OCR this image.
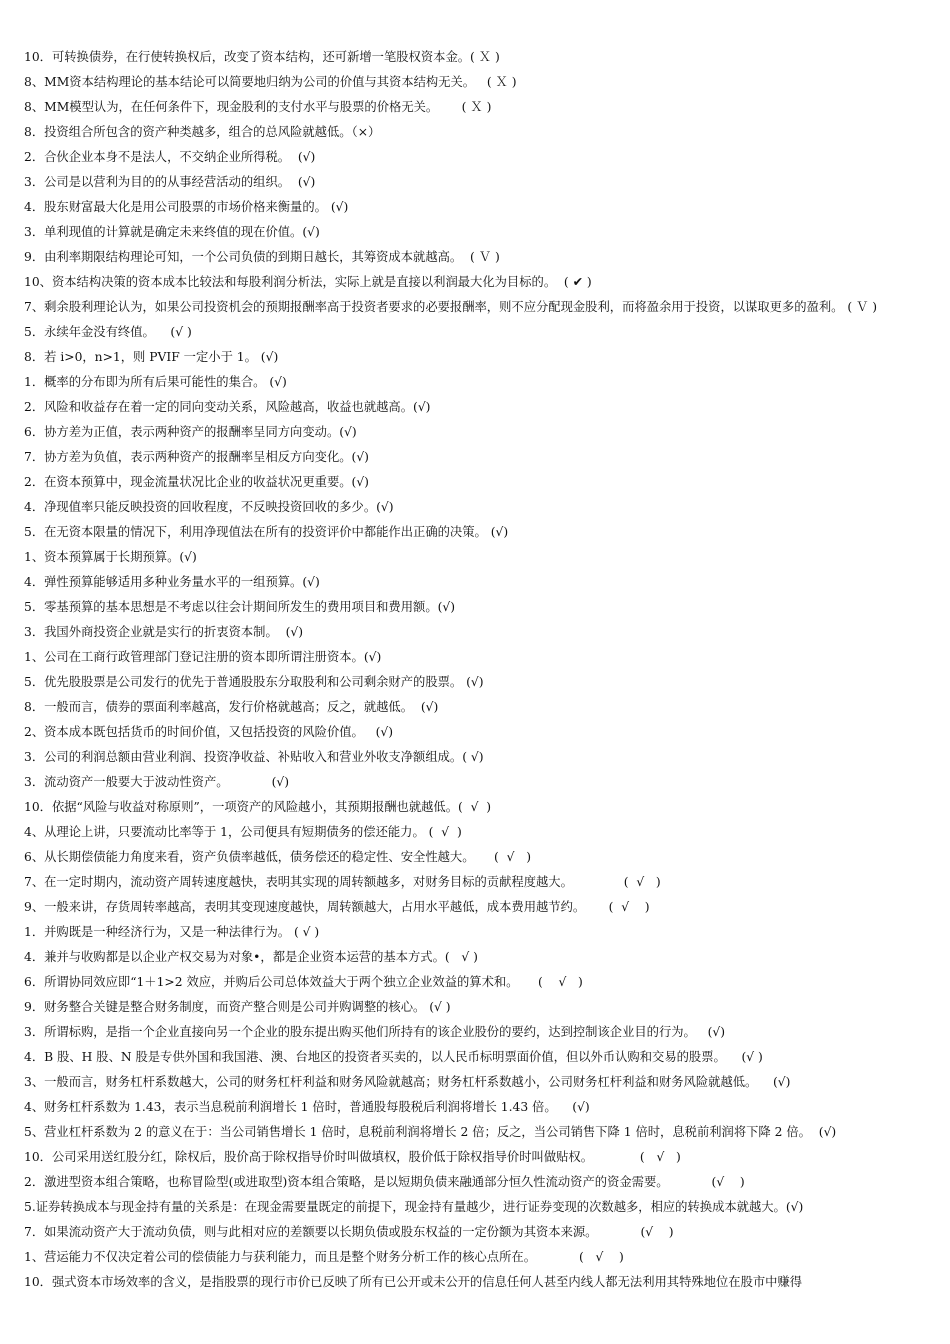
10．可转换债券，在行使转换权后，改变了资本结构，还可新增一笔股权资本金。( Ｘ )
8、MM资本结构理论的基本结论可以简要地归纳为公司的价值与其资本结构无关。   ( Ｘ )
8、MM模型认为，在任何条件下，现金股利的支付水平与股票的价格无关。      ( Ｘ )
8．投资组合所包含的资产种类越多，组合的总风险就越低。（×）
2．合伙企业本身不是法人，不交纳企业所得税。  (√)
3．公司是以营利为目的的从事经营活动的组织。  (√)
4．股东财富最大化是用公司股票的市场价格来衡量的。 (√)
3．单利现值的计算就是确定未来终值的现在价值。(√)
9．由利率期限结构理论可知，一个公司负债的到期日越长，其筹资成本就越高。  ( Ｖ )
10、资本结构决策的资本成本比较法和每股利润分析法，实际上就是直接以利润最大化为目标的。  ( ✔ )
7、剩余股利理论认为，如果公司投资机会的预期报酬率高于投资者要求的必要报酬率，则不应分配现金股利，而将盈余用于投资，以谋取更多的盈利。 ( Ｖ )
5．永续年金没有终值。    (√ )
8．若 i>0，n>1，则 PVIF 一定小于 1。 (√)
1．概率的分布即为所有后果可能性的集合。 (√)
2．风险和收益存在着一定的同向变动关系，风险越高，收益也就越高。(√)
6．协方差为正值，表示两种资产的报酬率呈同方向变动。(√)
7．协方差为负值，表示两种资产的报酬率呈相反方向变化。(√)
2．在资本预算中，现金流量状况比企业的收益状况更重要。(√)
4．净现值率只能反映投资的回收程度，不反映投资回收的多少。(√)
5．在无资本限量的情况下，利用净现值法在所有的投资评价中都能作出正确的决策。 (√)
1、资本预算属于长期预算。(√)
4．弹性预算能够适用多种业务量水平的一组预算。(√)
5．零基预算的基本思想是不考虑以往会计期间所发生的费用项目和费用额。(√)
3．我国外商投资企业就是实行的折衷资本制。  (√)
1、公司在工商行政管理部门登记注册的资本即所谓注册资本。(√)
5．优先股股票是公司发行的优先于普通股股东分取股利和公司剩余财产的股票。 (√)
8．一般而言，债券的票面利率越高，发行价格就越高；反之，就越低。  (√)
2、资本成本既包括货币的时间价值，又包括投资的风险价值。   (√)
3．公司的利润总额由营业利润、投资净收益、补贴收入和营业外收支净额组成。( √)
3．流动资产一般要大于波动性资产。           (√)
10．依据“风险与收益对称原则”，一项资产的风险越小，其预期报酬也就越低。(  √  )
4、从理论上讲，只要流动比率等于 1，公司便具有短期债务的偿还能力。 (  √  )
6、从长期偿债能力角度来看，资产负债率越低，债务偿还的稳定性、安全性越大。     (  √   )
7、在一定时期内，流动资产周转速度越快，表明其实现的周转额越多，对财务目标的贡献程度越大。             (  √   )
9、一般来讲，存货周转率越高，表明其变现速度越快，周转额越大，占用水平越低，成本费用越节约。      (  √    )
1．并购既是一种经济行为，又是一种法律行为。 ( √ )
4．兼并与收购都是以企业产权交易为对象•，都是企业资本运营的基本方式。(   √ )
6．所谓协同效应即“1＋1>2 效应，并购后公司总体效益大于两个独立企业效益的算术和。     (    √   )
9．财务整合关键是整合财务制度，而资产整合则是公司并购调整的核心。 (√ )
3．所谓标购，是指一个企业直接向另一个企业的股东提出购买他们所持有的该企业股份的要约，达到控制该企业目的行为。   (√)
4．B 股、H 股、N 股是专供外国和我国港、澳、台地区的投资者买卖的，以人民币标明票面价值，但以外币认购和交易的股票。    (√ )
3、一般而言，财务杠杆系数越大，公司的财务杠杆利益和财务风险就越高；财务杠杆系数越小，公司财务杠杆利益和财务风险就越低。    (√)
4、财务杠杆系数为 1.43，表示当息税前利润增长 1 倍时，普通股每股税后利润将增长 1.43 倍。    (√)
5、营业杠杆系数为 2 的意义在于：当公司销售增长 1 倍时，息税前利润将增长 2 倍；反之，当公司销售下降 1 倍时，息税前利润将下降 2 倍。  (√)
10．公司采用送红股分红，除权后，股价高于除权指导价时叫做填权，股价低于除权指导价时叫做贴权。            (   √   )
2．激进型资本组合策略，也称冒险型(或进取型)资本组合策略，是以短期负债来融通部分恒久性流动资产的资金需要。           (√    )
5.证券转换成本与现金持有量的关系是：在现金需要量既定的前提下，现金持有量越少，进行证券变现的次数越多，相应的转换成本就越大。(√)
7．如果流动资产大于流动负债，则与此相对应的差额要以长期负债或股东权益的一定份额为其资本来源。           (√    )
1、营运能力不仅决定着公司的偿债能力与获利能力，而且是整个财务分析工作的核心点所在。           (   √    )
10．强式资本市场效率的含义，是指股票的现行市价已反映了所有已公开或未公开的信息任何人甚至内线人都无法利用其特殊地位在股市中赚得
